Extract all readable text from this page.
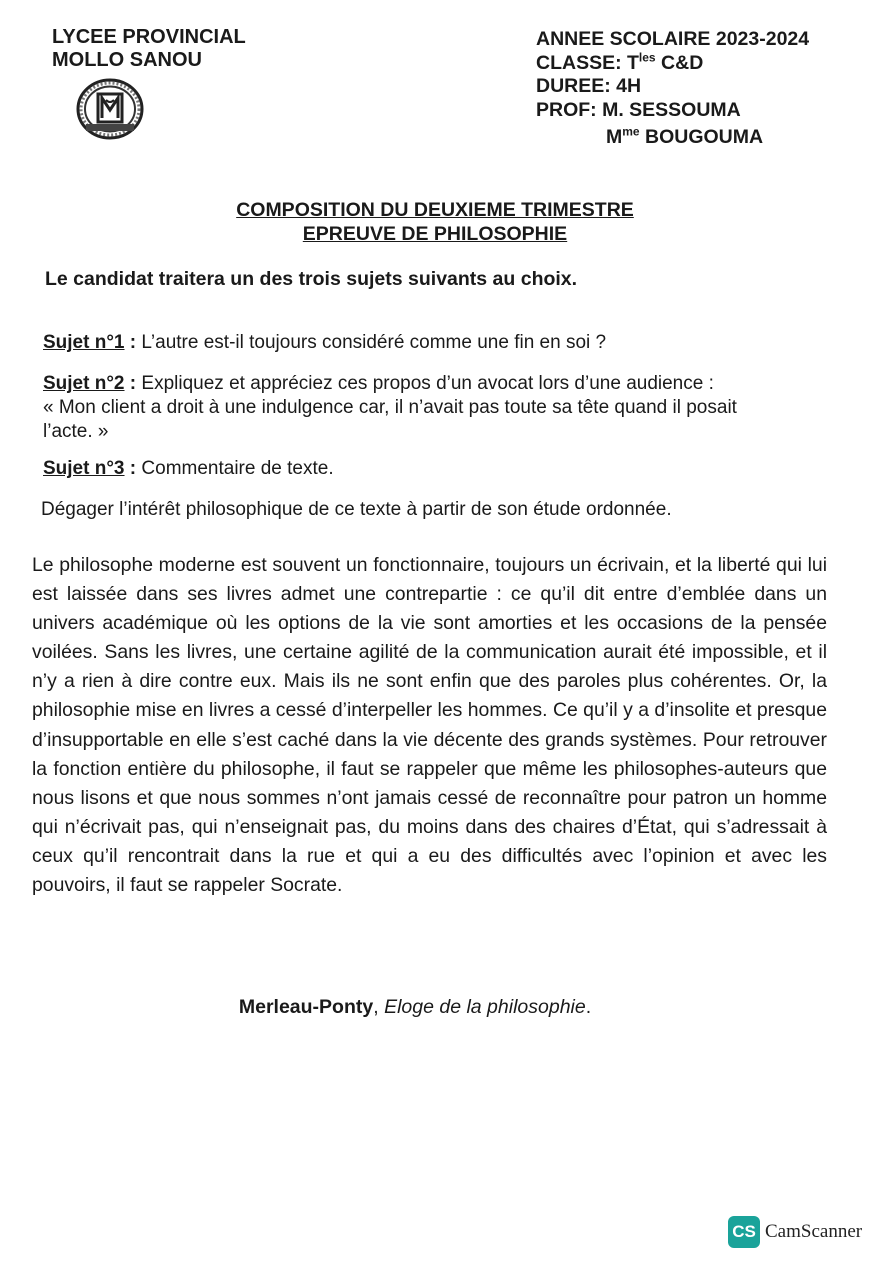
LYCEE PROVINCIAL
MOLLO SANOU
ANNEE SCOLAIRE 2023-2024
CLASSE: $T^{les}$ C&D
DUREE: 4H
PROF: M. SESSOUMA
$M^{me}$ BOUGOUMA
COMPOSITION DU DEUXIEME TRIMESTRE
EPREUVE DE PHILOSOPHIE
Le candidat traitera un des trois sujets suivants au choix.
Sujet n°1 : L’autre est-il toujours considéré comme une fin en soi ?
Sujet n°2 : Expliquez et appréciez ces propos d’un avocat lors d’une audience :
« Mon client a droit à une indulgence car, il n’avait pas toute sa tête quand il posait
l’acte. »
Sujet n°3 : Commentaire de texte.
Dégager l’intérêt philosophique de ce texte à partir de son étude ordonnée.
Le philosophe moderne est souvent un fonctionnaire, toujours un écrivain, et la liberté qui lui est laissée dans ses livres admet une contrepartie : ce qu’il dit entre d’emblée dans un univers académique où les options de la vie sont amorties et les occasions de la pensée voilées. Sans les livres, une certaine agilité de la communication aurait été impossible, et il n’y a rien à dire contre eux. Mais ils ne sont enfin que des paroles plus cohérentes. Or, la philosophie mise en livres a cessé d’interpeller les hommes. Ce qu’il y a d’insolite et presque d’insupportable en elle s’est caché dans la vie décente des grands systèmes. Pour retrouver la fonction entière du philosophe, il faut se rappeler que même les philosophes-auteurs que nous lisons et que nous sommes n’ont jamais cessé de reconnaître pour patron un homme qui n’écrivait pas, qui n’enseignait pas, du moins dans des chaires d’État, qui s’adressait à ceux qu’il rencontrait dans la rue et qui a eu des difficultés avec l’opinion et avec les pouvoirs, il faut se rappeler Socrate.
Merleau-Ponty, Eloge de la philosophie.
CS CamScanner
